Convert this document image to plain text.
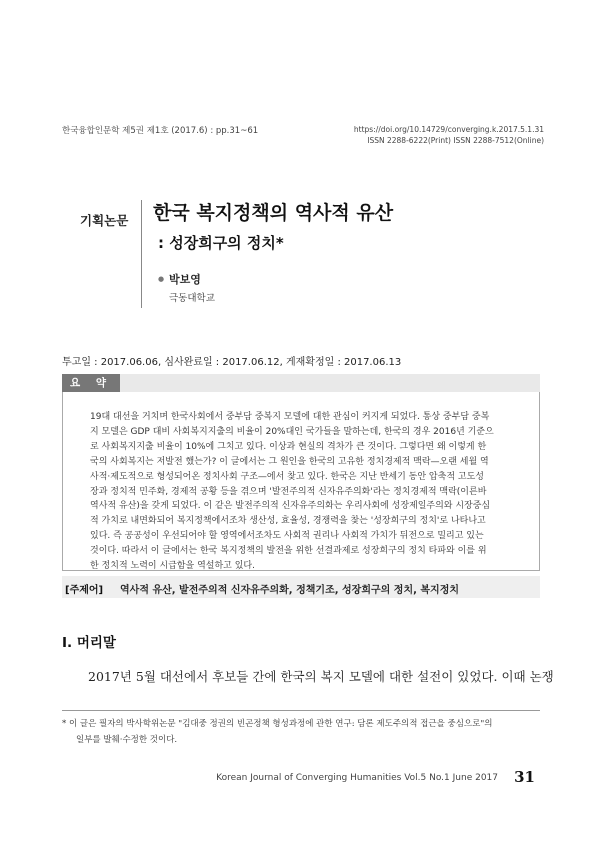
한국융합인문학 제5권 제1호 (2017.6) : pp.31~61	https://doi.org/10.14729/converging.k.2017.5.1.31
ISSN 2288-6222(Print) ISSN 2288-7512(Online)
기획논문 한국 복지정책의 역사적 유산
: 성장희구의 정치*
● 박보영
극동대학교
투고일 : 2017.06.06, 심사완료일 : 2017.06.12, 게재확정일 : 2017.06.13
요 약
19대 대선을 거치며 한국사회에서 중부담 중복지 모델에 대한 관심이 커지게 되었다. 통상 중부담 중복
지 모델은 GDP 대비 사회복지지출의 비율이 20%대인 국가들을 말하는데, 한국의 경우 2016년 기준으
로 사회복지지출 비율이 10%에 그치고 있다. 이상과 현실의 격차가 큰 것이다. 그렇다면 왜 이렇게 한
국의 사회복지는 저발전 했는가? 이 글에서는 그 원인을 한국의 고유한 정치경제적 맥락—오랜 세월 역
사적·제도적으로 형성되어온 정치사회 구조—에서 찾고 있다. 한국은 지난 반세기 동안 압축적 고도성
장과 정치적 민주화, 경제적 공황 등을 겪으며 '발전주의적 신자유주의화'라는 정치경제적 맥락(이른바
역사적 유산)을 갖게 되었다. 이 같은 발전주의적 신자유주의화는 우리사회에 성장제일주의와 시장중심
적 가치로 내면화되어 복지정책에서조차 생산성, 효율성, 경쟁력을 찾는 '성장희구의 정치'로 나타나고
있다. 즉 공공성이 우선되어야 할 영역에서조차도 사회적 권리나 사회적 가치가 뒤전으로 밀리고 있는
것이다. 따라서 이 글에서는 한국 복지정책의 발전을 위한 선결과제로 성장희구의 정치 타파와 이를 위
한 정치적 노력이 시급함을 역설하고 있다.
[주제어] 역사적 유산, 발전주의적 신자유주의화, 정책기조, 성장희구의 정치, 복지정치
Ⅰ. 머리말
2017년 5월 대선에서 후보들 간에 한국의 복지 모델에 대한 설전이 있었다. 이때 논쟁
* 이 글은 필자의 박사학위논문 "김대중 정권의 빈곤정책 형성과정에 관한 연구: 담론 제도주의적 접근을 중심으로"의
일부를 발췌·수정한 것이다.
Korean Journal of Converging Humanities Vol.5 No.1 June 2017 31
